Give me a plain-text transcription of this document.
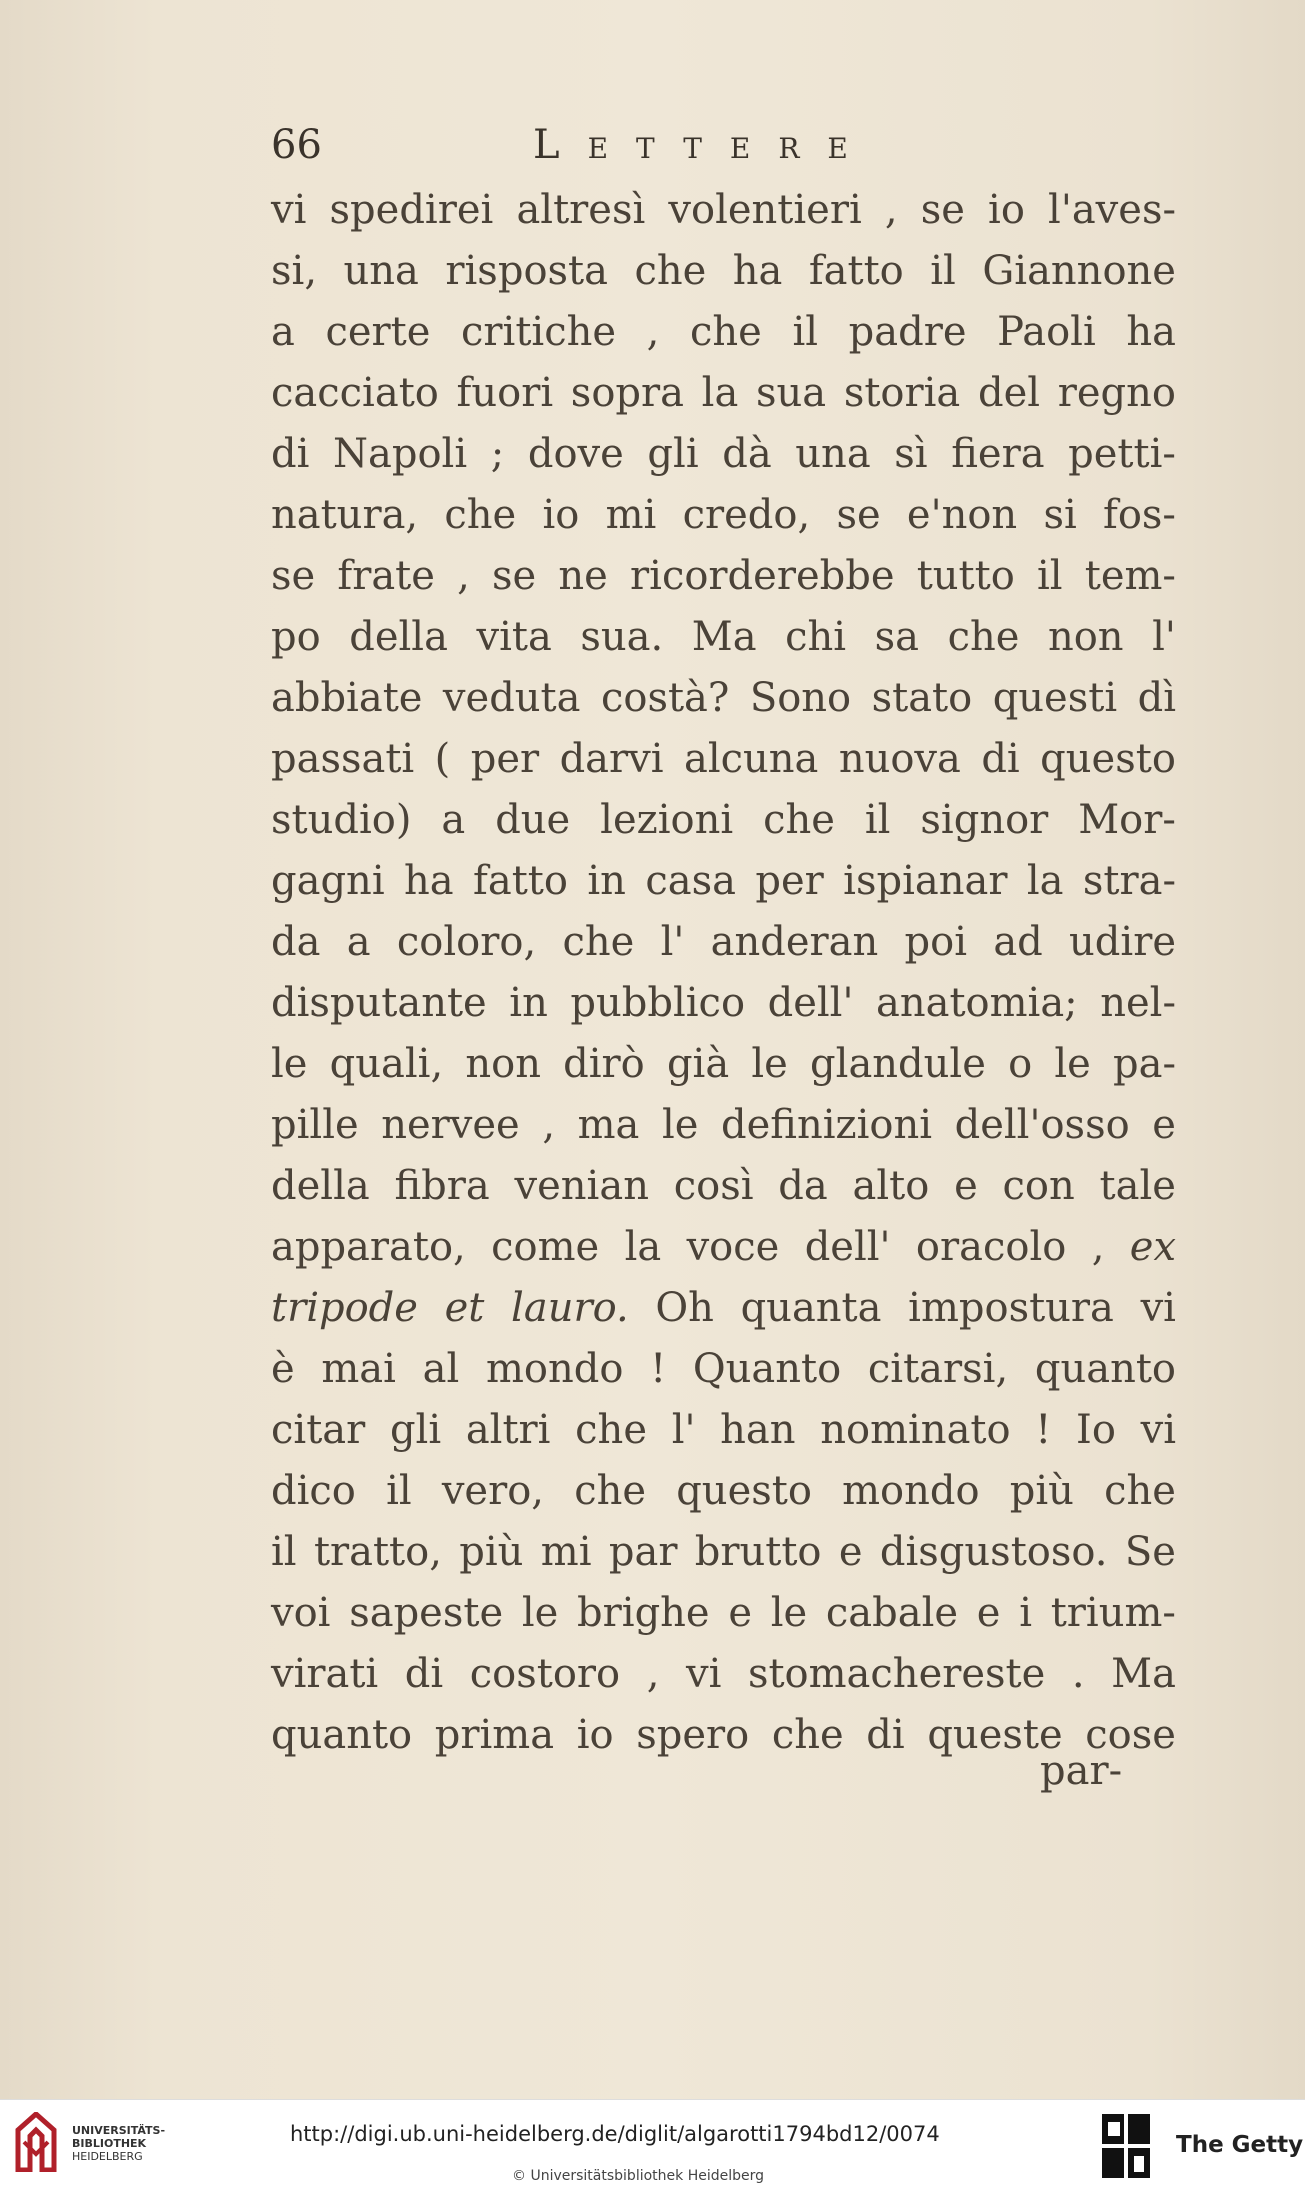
66	Lettere
vi spedirei altresì volentieri , se io l'aves-
si, una risposta che ha fatto il Giannone
a certe critiche , che il padre Paoli ha
cacciato fuori sopra la sua storia del regno
di Napoli ; dove gli dà una sì fiera petti-
natura, che io mi credo, se e'non si fos-
se frate , se ne ricorderebbe tutto il tem-
po della vita sua. Ma chi sa che non l'
abbiate veduta costà? Sono stato questi dì
passati ( per darvi alcuna nuova di questo
studio) a due lezioni che il signor Mor-
gagni ha fatto in casa per ispianar la stra-
da a coloro, che l' anderan poi ad udire
disputante in pubblico dell' anatomia; nel-
le quali, non dirò già le glandule o le pa-
pille nervee , ma le definizioni dell'osso e
della fibra venian così da alto e con tale
apparato, come la voce dell' oracolo , ex
tripode et lauro. Oh quanta impostura vi
è mai al mondo ! Quanto citarsi, quanto
citar gli altri che l' han nominato ! Io vi
dico il vero, che questo mondo più che
il tratto, più mi par brutto e disgustoso. Se
voi sapeste le brighe e le cabale e i trium-
virati di costoro , vi stomachereste . Ma
quanto prima io spero che di queste cose
par-
UNIVERSITÄTS-
BIBLIOTHEK
HEIDELBERG
http://digi.ub.uni-heidelberg.de/diglit/algarotti1794bd12/0074
© Universitätsbibliothek Heidelberg
The Getty
